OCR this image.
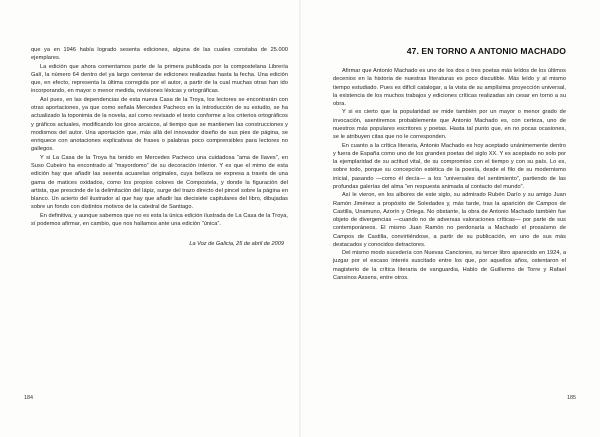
que ya en 1946 había logrado sesenta ediciones, alguna de las cuales constaba de 25.000 ejemplares.

La edición que ahora comentamos parte de la primera publicada por la compostelana Librería Galí, la número 64 dentro del ya largo centenar de ediciones realizadas hasta la fecha. Una edición que, en efecto, representa la última corregida por el autor, a partir de la cual muchas otras han ido incorporando, en mayor o menor medida, revisiones léxicas y ortográficas.

Así pues, en las dependencias de esta nueva Casa de la Troya, los lectores se encontrarán con otras aportaciones, ya que como señala Mercedes Pacheco en la introducción de su estudio, se ha actualizado la toponimia de la novela, así como revisado el texto conforme a los criterios ortográficos y gráficos actuales, modificando los giros arcaicos, al tiempo que se mantienen las construcciones y modismos del autor. Una aportación que, más allá del innovador diseño de sus pies de página, se enriquece con anotaciones explicativas de frases o palabras poco comprensibles para lectores no gallegos.

Y si La Casa de la Troya ha tenido en Mercedes Pacheco una cuidadosa “ama de llaves”, en Suso Cubeiro ha encontrado al “mayordomo” de su decoración interior. Y es que el mimo de esta edición hay que añadir las sesenta acuarelas originales, cuya belleza se expresa a través de una gama de matices oxidados, como los propios colores de Compostela, y donde la figuración del artista, que prescinde de la delimitación del lápiz, surge del trazo directo del pincel sobre la página en blanco. Un acierto del ilustrador al que hay que añadir las diecisiete capitulares del libro, dibujadas sobre un fondo con distintos motivos de la catedral de Santiago.

En definitiva, y aunque sabemos que no es esta la única edición ilustrada de La Casa de la Troya, sí podemos afirmar, en cambio, que nos hallamos ante una edición “única”.

La Voz de Galicia, 25 de abril de 2009
47. EN TORNO A ANTONIO MACHADO

Afirmar que Antonio Machado es uno de los dos o tres poetas más leídos de los últimos decenios en la historia de nuestras literaturas es poco discutible. Más leído y al mismo tiempo estudiado. Pues es difícil catalogar, a la vista de su amplísima proyección universal, la existencia de los muchos trabajos y ediciones críticas realizadas sin cesar en torno a su obra.

Y si es cierto que la popularidad se mide también por un mayor o menor grado de invocación, asentiremos probablemente que Antonio Machado es, con certeza, uno de nuestros más populares escritores y poetas. Hasta tal punto que, en no pocas ocasiones, se le atribuyen citas que no le corresponden.

En cuanto a la crítica literaria, Antonio Machado es hoy aceptado unánimemente dentro y fuera de España como uno de los grandes poetas del siglo XX. Y es aceptado no solo por la ejemplaridad de su actitud vital, de su compromiso con el tiempo y con su país. Lo es, sobre todo, porque su concepción estética de la poesía, desde el filo de su modernismo inicial, pasando —como él decía— a los “universales del sentimiento”, partiendo de las profundas galerías del alma “en respuesta animada al contacto del mundo”.

Así le vieron, en los albores de este siglo, su admirado Rubén Darío y su amigo Juan Ramón Jiménez a propósito de Soledades y, más tarde, tras la aparición de Campos de Castilla, Unamuno, Azorín y Ortega. No obstante, la obra de Antonio Machado también fue objeto de divergencias —cuando no de adversas valoraciones críticas— por parte de sus contemporáneos. El mismo Juan Ramón no perdonaría a Machado el prosaísmo de Campos de Castilla, convirtiéndose, a partir de su publicación, en uno de sus más destacados y conocidos detractores.

Del mismo modo sucedería con Nuevas Canciones, su tercer libro aparecido en 1924, a juzgar por el escaso interés suscitado entre los que, por aquellos años, ostentaron el magisterio de la crítica literaria de vanguardia, Hablo de Guillermo de Torre y Rafael Cansinos Assens, entre otros.

184	185
